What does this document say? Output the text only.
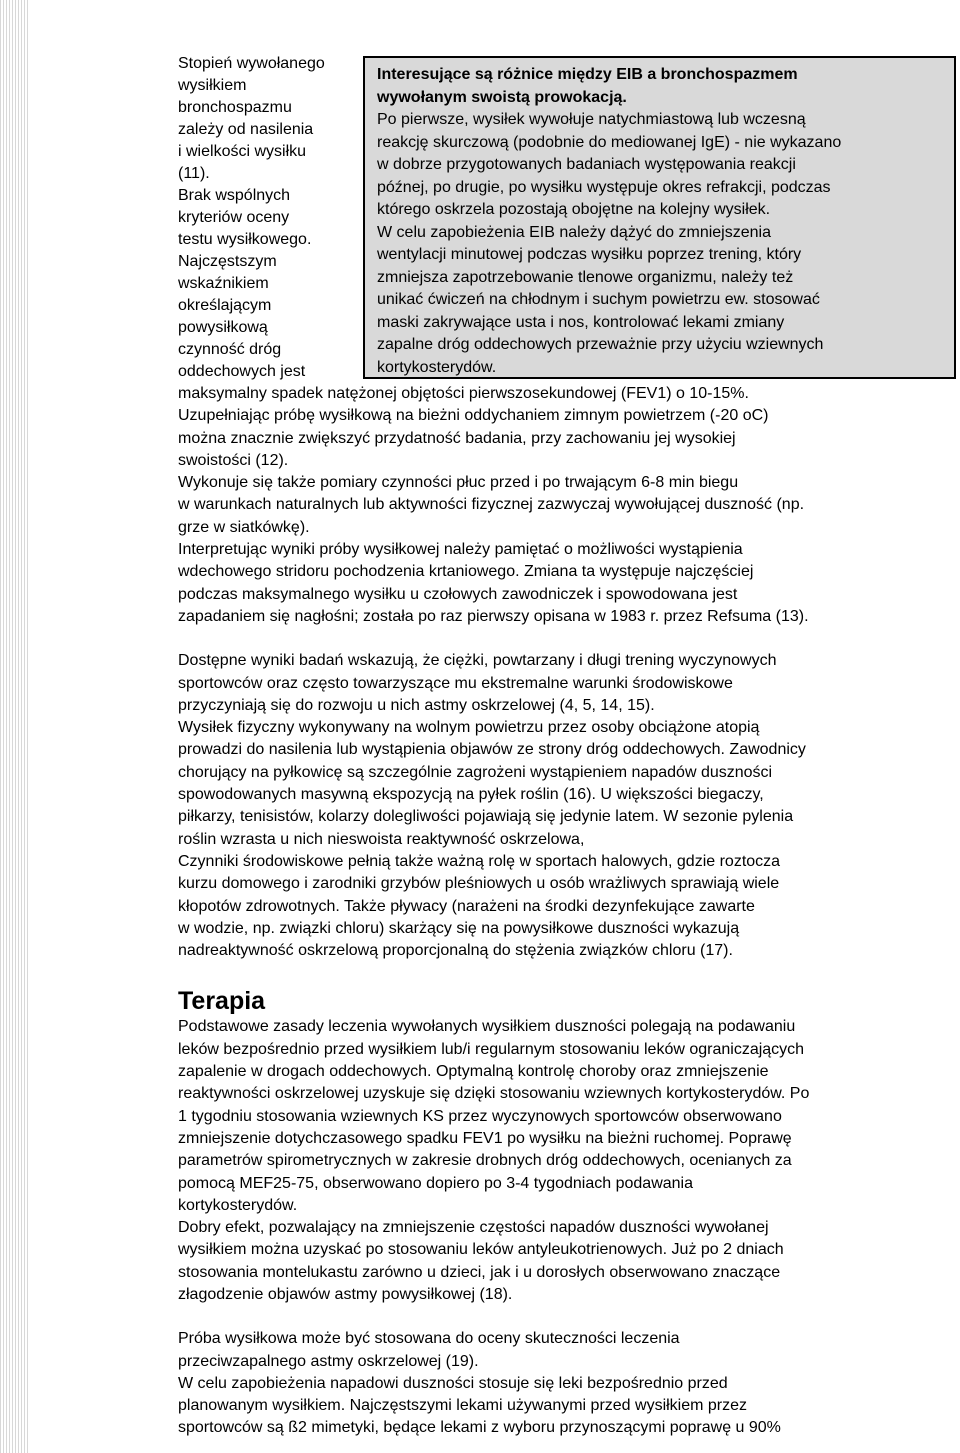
Stopień wywołanego
wysiłkiem
bronchospazmu
zależy od nasilenia
i wielkości wysiłku
(11).
Brak wspólnych
kryteriów oceny
testu wysiłkowego.
Najczęstszym
wskaźnikiem
określającym
powysiłkową
czynność dróg
oddechowych jest
Interesujące są różnice między EIB a bronchospazmem
wywołanym swoistą prowokacją.
Po pierwsze, wysiłek wywołuje natychmiastową lub wczesną
reakcję skurczową (podobnie do mediowanej IgE) - nie wykazano
w dobrze przygotowanych badaniach występowania reakcji
późnej, po drugie, po wysiłku występuje okres refrakcji, podczas
którego oskrzela pozostają obojętne na kolejny wysiłek.
W celu zapobieżenia EIB należy dążyć do zmniejszenia
wentylacji minutowej podczas wysiłku poprzez trening, który
zmniejsza zapotrzebowanie tlenowe organizmu, należy też
unikać ćwiczeń na chłodnym i suchym powietrzu ew. stosować
maski zakrywające usta i nos, kontrolować lekami zmiany
zapalne dróg oddechowych przeważnie przy użyciu wziewnych
kortykosterydów.
maksymalny spadek natężonej objętości pierwszosekundowej (FEV1) o 10-15%.
Uzupełniając próbę wysiłkową na bieżni oddychaniem zimnym powietrzem (-20 oC)
można znacznie zwiększyć przydatność badania, przy zachowaniu jej wysokiej
swoistości (12).
Wykonuje się także pomiary czynności płuc przed i po trwającym 6-8 min biegu
w warunkach naturalnych lub aktywności fizycznej zazwyczaj wywołującej duszność (np.
grze w siatkówkę).
Interpretując wyniki próby wysiłkowej należy pamiętać o możliwości wystąpienia
wdechowego stridoru pochodzenia krtaniowego. Zmiana ta występuje najczęściej
podczas maksymalnego wysiłku u czołowych zawodniczek i spowodowana jest
zapadaniem się nagłośni; została po raz pierwszy opisana w 1983 r. przez Refsuma (13).
Dostępne wyniki badań wskazują, że ciężki, powtarzany i długi trening wyczynowych
sportowców oraz często towarzyszące mu ekstremalne warunki środowiskowe
przyczyniają się do rozwoju u nich astmy oskrzelowej (4, 5, 14, 15).
Wysiłek fizyczny wykonywany na wolnym powietrzu przez osoby obciążone atopią
prowadzi do nasilenia lub wystąpienia objawów ze strony dróg oddechowych. Zawodnicy
chorujący na pyłkowicę są szczególnie zagrożeni wystąpieniem napadów duszności
spowodowanych masywną ekspozycją na pyłek roślin (16). U większości biegaczy,
piłkarzy, tenisistów, kolarzy dolegliwości pojawiają się jedynie latem. W sezonie pylenia
roślin wzrasta u nich nieswoista reaktywność oskrzelowa,
Czynniki środowiskowe pełnią także ważną rolę w sportach halowych, gdzie roztocza
kurzu domowego i zarodniki grzybów pleśniowych u osób wrażliwych sprawiają wiele
kłopotów zdrowotnych. Także pływacy (narażeni na środki dezynfekujące zawarte
w wodzie, np. związki chloru) skarżący się na powysiłkowe duszności wykazują
nadreaktywność oskrzelową proporcjonalną do stężenia związków chloru (17).
Terapia
Podstawowe zasady leczenia wywołanych wysiłkiem duszności polegają na podawaniu
leków bezpośrednio przed wysiłkiem lub/i regularnym stosowaniu leków ograniczających
zapalenie w drogach oddechowych. Optymalną kontrolę choroby oraz zmniejszenie
reaktywności oskrzelowej uzyskuje się dzięki stosowaniu wziewnych kortykosterydów. Po
1 tygodniu stosowania wziewnych KS przez wyczynowych sportowców obserwowano
zmniejszenie dotychczasowego spadku FEV1 po wysiłku na bieżni ruchomej. Poprawę
parametrów spirometrycznych w zakresie drobnych dróg oddechowych, ocenianych za
pomocą MEF25-75, obserwowano dopiero po 3-4 tygodniach podawania
kortykosterydów.
Dobry efekt, pozwalający na zmniejszenie częstości napadów duszności wywołanej
wysiłkiem można uzyskać po stosowaniu leków antyleukotrienowych. Już po 2 dniach
stosowania montelukastu zarówno u dzieci, jak i u dorosłych obserwowano znaczące
złagodzenie objawów astmy powysiłkowej (18).
Próba wysiłkowa może być stosowana do oceny skuteczności leczenia
przeciwzapalnego astmy oskrzelowej (19).
W celu zapobieżenia napadowi duszności stosuje się leki bezpośrednio przed
planowanym wysiłkiem. Najczęstszymi lekami używanymi przed wysiłkiem przez
sportowców są ß2 mimetyki, będące lekami z wyboru przynoszącymi poprawę u 90%
